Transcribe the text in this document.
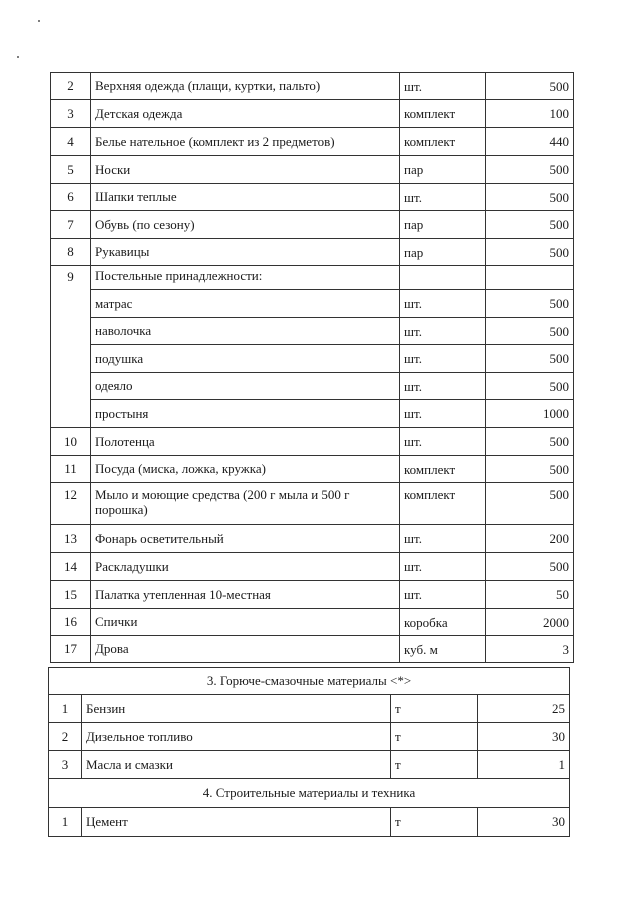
2	Верхняя одежда (плащи, куртки, пальто)	шт.	500
3	Детская одежда	комплект	100
4	Белье нательное (комплект из 2 предметов)	комплект	440
5	Носки	пар	500
6	Шапки теплые	шт.	500
7	Обувь (по сезону)	пар	500
8	Рукавицы	пар	500
9	Постельные принадлежности:		
	матрас	шт.	500
	наволочка	шт.	500
	подушка	шт.	500
	одеяло	шт.	500
	простыня	шт.	1000
10	Полотенца	шт.	500
11	Посуда (миска, ложка, кружка)	комплект	500
12	Мыло и моющие средства (200 г мыла и 500 г порошка)	комплект	500
13	Фонарь осветительный	шт.	200
14	Раскладушки	шт.	500
15	Палатка утепленная 10-местная	шт.	50
16	Спички	коробка	2000
17	Дрова	куб. м	3
3. Горюче-смазочные материалы <*>			
1	Бензин	т	25
2	Дизельное топливо	т	30
3	Масла и смазки	т	1
4. Строительные материалы и техника			
1	Цемент	т	30
